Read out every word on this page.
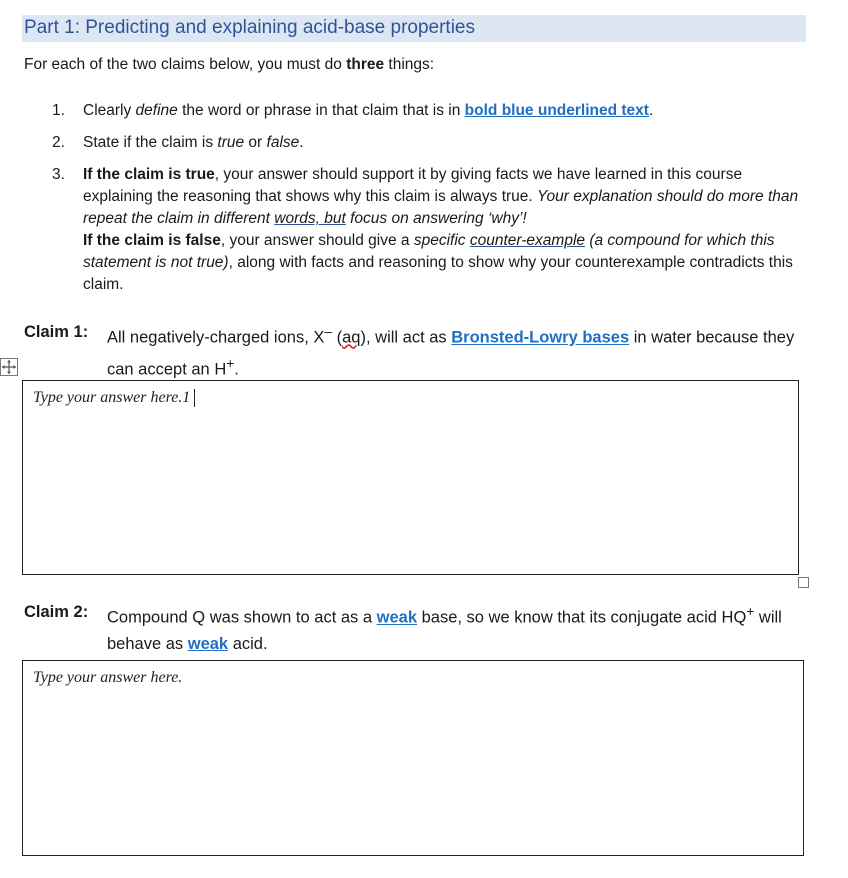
Part 1: Predicting and explaining acid-base properties
For each of the two claims below, you must do three things:
1. Clearly define the word or phrase in that claim that is in bold blue underlined text.
2. State if the claim is true or false.
3. If the claim is true, your answer should support it by giving facts we have learned in this course explaining the reasoning that shows why this claim is always true. Your explanation should do more than repeat the claim in different words, but focus on answering ‘why’!
If the claim is false, your answer should give a specific counter-example (a compound for which this statement is not true), along with facts and reasoning to show why your counterexample contradicts this claim.
Claim 1: All negatively-charged ions, X– (aq), will act as Bronsted-Lowry bases in water because they can accept an H+.
Type your answer here.1
Claim 2: Compound Q was shown to act as a weak base, so we know that its conjugate acid HQ+ will behave as weak acid.
Type your answer here.
